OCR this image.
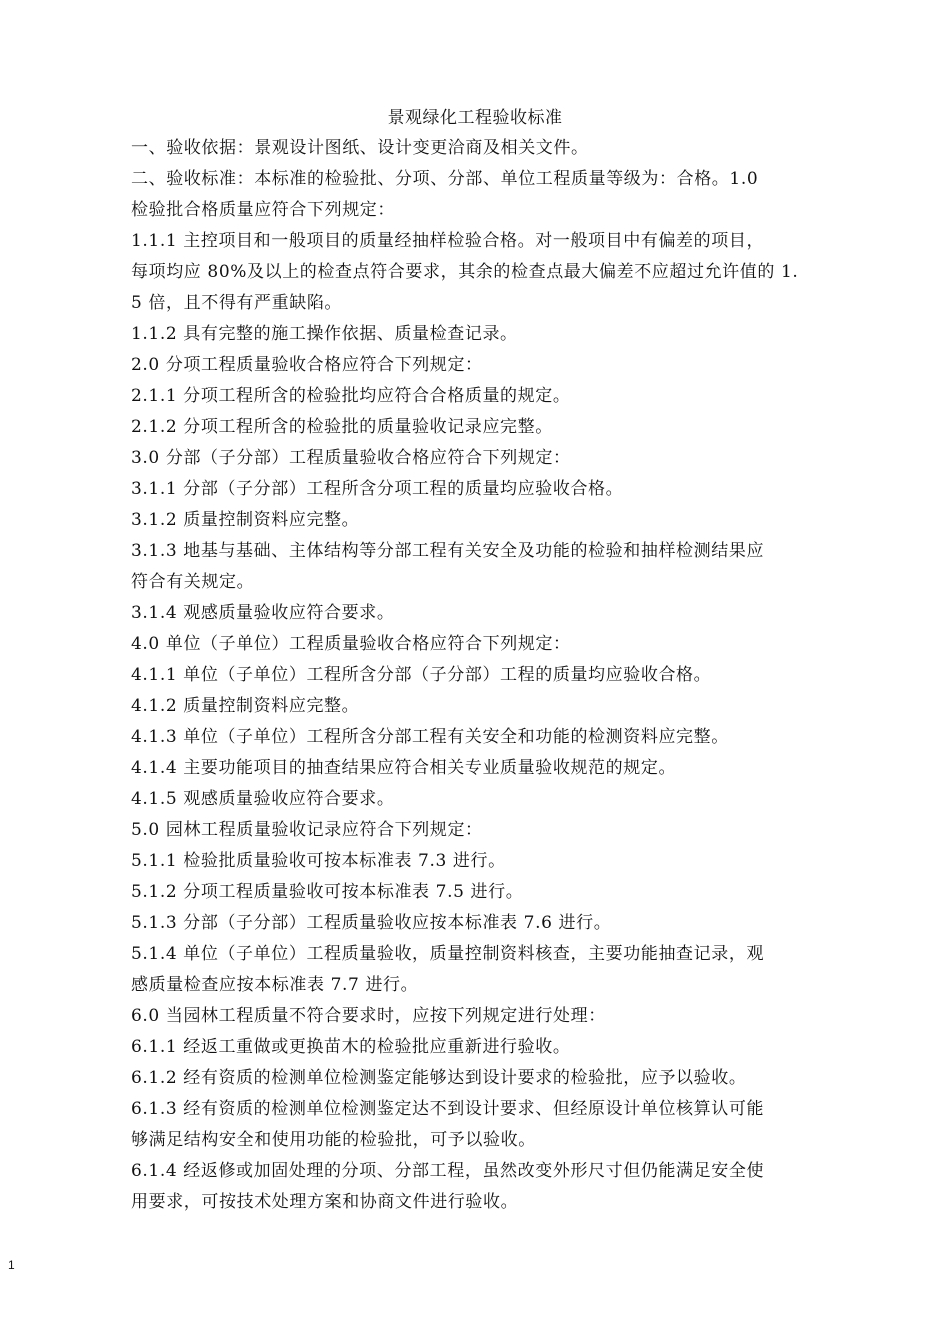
景观绿化工程验收标准
一、验收依据：景观设计图纸、设计变更洽商及相关文件。
二、验收标准：本标准的检验批、分项、分部、单位工程质量等级为：合格。1.0
检验批合格质量应符合下列规定：
1.1.1 主控项目和一般项目的质量经抽样检验合格。对一般项目中有偏差的项目，
每项均应 80%及以上的检查点符合要求，其余的检查点最大偏差不应超过允许值的 1.
5 倍，且不得有严重缺陷。
1.1.2 具有完整的施工操作依据、质量检查记录。
2.0 分项工程质量验收合格应符合下列规定：
2.1.1 分项工程所含的检验批均应符合合格质量的规定。
2.1.2 分项工程所含的检验批的质量验收记录应完整。
3.0 分部（子分部）工程质量验收合格应符合下列规定：
3.1.1 分部（子分部）工程所含分项工程的质量均应验收合格。
3.1.2 质量控制资料应完整。
3.1.3 地基与基础、主体结构等分部工程有关安全及功能的检验和抽样检测结果应
符合有关规定。
3.1.4 观感质量验收应符合要求。
4.0 单位（子单位）工程质量验收合格应符合下列规定：
4.1.1 单位（子单位）工程所含分部（子分部）工程的质量均应验收合格。
4.1.2 质量控制资料应完整。
4.1.3 单位（子单位）工程所含分部工程有关安全和功能的检测资料应完整。
4.1.4 主要功能项目的抽查结果应符合相关专业质量验收规范的规定。
4.1.5 观感质量验收应符合要求。
5.0 园林工程质量验收记录应符合下列规定：
5.1.1 检验批质量验收可按本标准表 7.3 进行。
5.1.2 分项工程质量验收可按本标准表 7.5 进行。
5.1.3 分部（子分部）工程质量验收应按本标准表 7.6 进行。
5.1.4 单位（子单位）工程质量验收，质量控制资料核查，主要功能抽查记录，观
感质量检查应按本标准表 7.7 进行。
6.0 当园林工程质量不符合要求时，应按下列规定进行处理：
6.1.1 经返工重做或更换苗木的检验批应重新进行验收。
6.1.2 经有资质的检测单位检测鉴定能够达到设计要求的检验批，应予以验收。
6.1.3 经有资质的检测单位检测鉴定达不到设计要求、但经原设计单位核算认可能
够满足结构安全和使用功能的检验批，可予以验收。
6.1.4 经返修或加固处理的分项、分部工程，虽然改变外形尺寸但仍能满足安全使
用要求，可按技术处理方案和协商文件进行验收。
1
